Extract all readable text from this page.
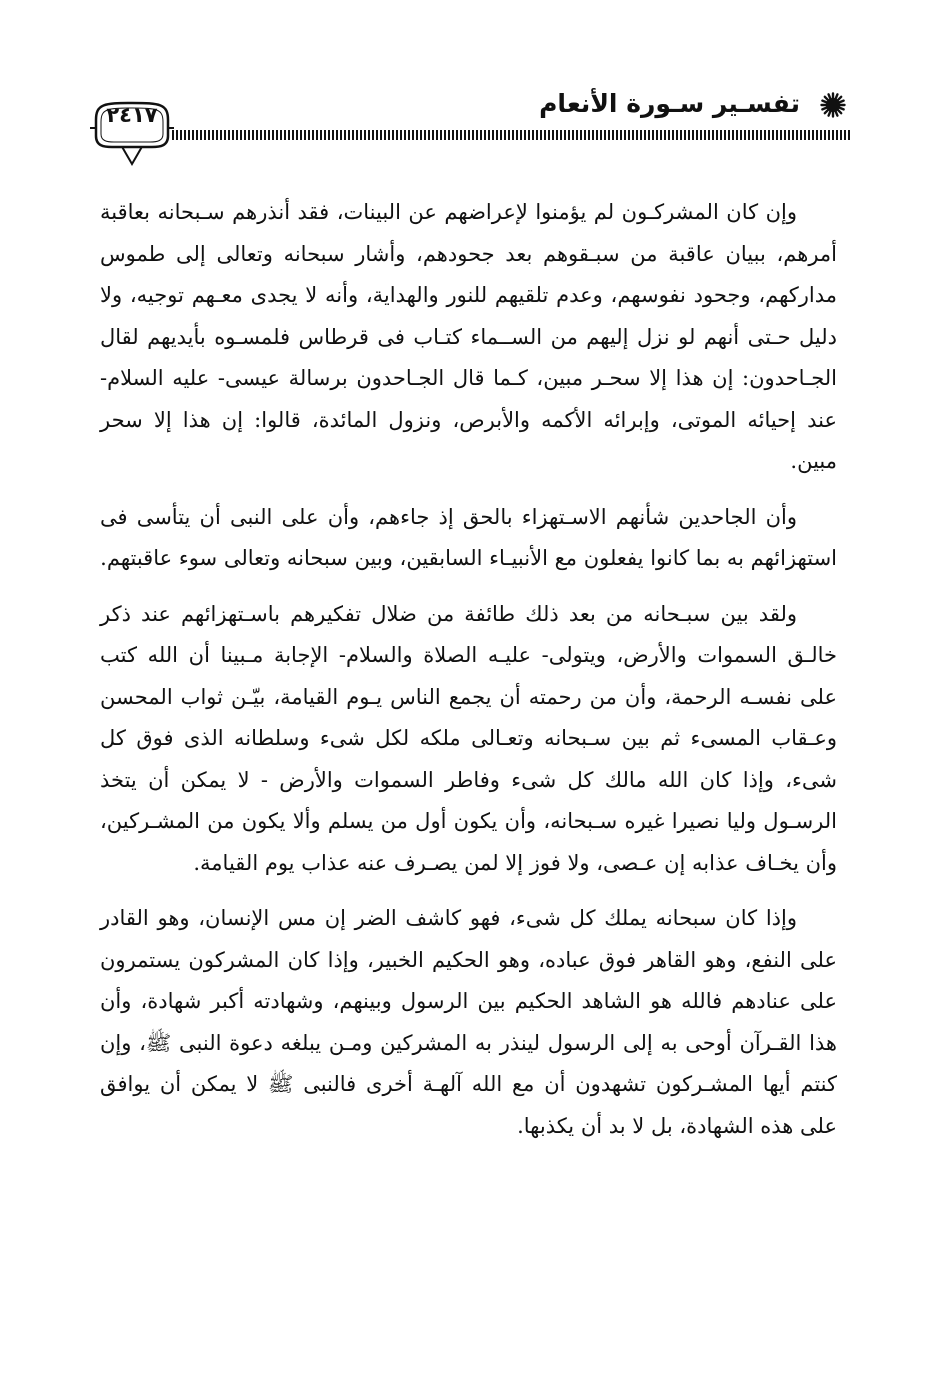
٢٤١٧	تفسـير سـورة الأنعام

وإن كان المشركـون لم يؤمنوا لإعراضهم عن البينات، فقد أنذرهم سـبحانه بعاقبة أمرهم، ببيان عاقبة من سبـقوهم بعد جحودهم، وأشار سبحانه وتعالى إلى طموس مداركهم، وجحود نفوسهم، وعدم تلقيهم للنور والهداية، وأنه لا يجدى معـهم توجيه، ولا دليل حـتى أنهم لو نزل إليهم من الســماء كتـاب فى قرطاس فلمسـوه بأيديهم لقال الجـاحدون: إن هذا إلا سحـر مبين، كـما قال الجـاحدون برسالة عيسى- عليه السلام- عند إحيائه الموتى، وإبرائه الأكمه والأبرص، ونزول المائدة، قالوا: إن هذا إلا سحر مبين.

وأن الجاحدين شأنهم الاسـتهزاء بالحق إذ جاءهم، وأن على النبى أن يتأسى فى استهزائهم به بما كانوا يفعلون مع الأنبيـاء السابقين، وبين سبحانه وتعالى سوء عاقبتهم.

ولقد بين سبـحانه من بعد ذلك طائفة من ضلال تفكيرهم باسـتهزائهم عند ذكر خالـق السموات والأرض، ويتولى- عليـه الصلاة والسلام- الإجابة مـبينا أن الله كتب على نفسـه الرحمة، وأن من رحمته أن يجمع الناس يـوم القيامة، بيّـن ثواب المحسن وعـقاب المسىء ثم بين سـبحانه وتعـالى ملكه لكل شىء وسلطانه الذى فوق كل شىء، وإذا كان الله مالك كل شىء وفاطر السموات والأرض - لا يمكن أن يتخذ الرسـول وليا نصيرا غيره سـبحانه، وأن يكون أول من يسلم وألا يكون من المشـركين، وأن يخـاف عذابه إن عـصى، ولا فوز إلا لمن يصـرف عنه عذاب يوم القيامة.

وإذا كان سبحانه يملك كل شىء، فهو كاشف الضر إن مس الإنسان، وهو القادر على النفع، وهو القاهر فوق عباده، وهو الحكيم الخبير، وإذا كان المشركون يستمرون على عنادهم فالله هو الشاهد الحكيم بين الرسول وبينهم، وشهادته أكبر شهادة، وأن هذا القـرآن أوحى به إلى الرسول لينذر به المشركين ومـن يبلغه دعوة النبى ﷺ، وإن كنتم أيها المشـركون تشهدون أن مع الله آلهـة أخرى فالنبى ﷺ لا يمكن أن يوافق على هذه الشهادة، بل لا بد أن يكذبها.
